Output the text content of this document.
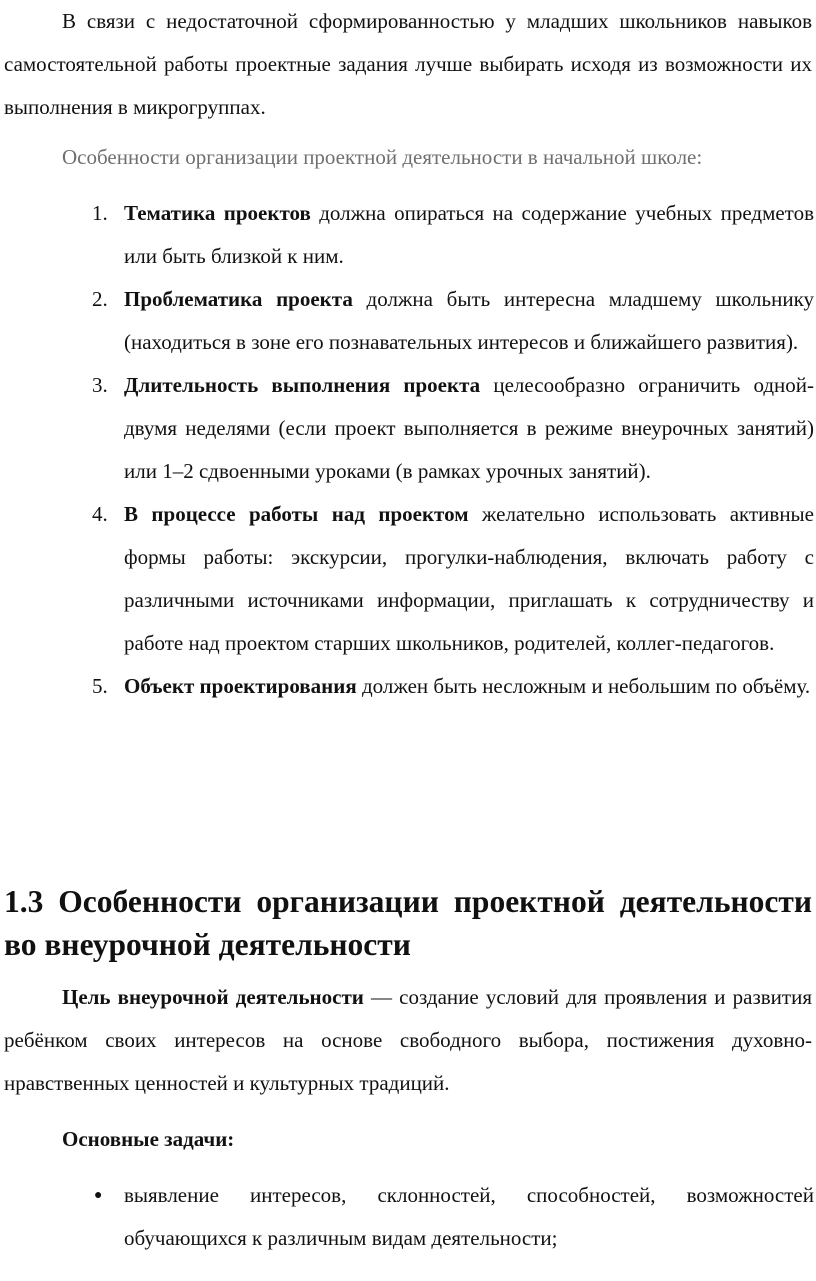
В связи с недостаточной сформированностью у младших школьников навыков самостоятельной работы проектные задания лучше выбирать исходя из возможности их выполнения в микрогруппах.

Особенности организации проектной деятельности в начальной школе:

1. Тематика проектов должна опираться на содержание учебных предметов или быть близкой к ним.
2. Проблематика проекта должна быть интересна младшему школьнику (находиться в зоне его познавательных интересов и ближайшего развития).
3. Длительность выполнения проекта целесообразно ограничить одной-двумя неделями (если проект выполняется в режиме внеурочных занятий) или 1–2 сдвоенными уроками (в рамках урочных занятий).
4. В процессе работы над проектом желательно использовать активные формы работы: экскурсии, прогулки-наблюдения, включать работу с различными источниками информации, приглашать к сотрудничеству и работе над проектом старших школьников, родителей, коллег-педагогов.
5. Объект проектирования должен быть несложным и небольшим по объёму.
1.3 Особенности организации проектной деятельности во внеурочной деятельности

Цель внеурочной деятельности — создание условий для проявления и развития ребёнком своих интересов на основе свободного выбора, постижения духовно-нравственных ценностей и культурных традиций.

Основные задачи:

● выявление интересов, склонностей, способностей, возможностей обучающихся к различным видам деятельности;
